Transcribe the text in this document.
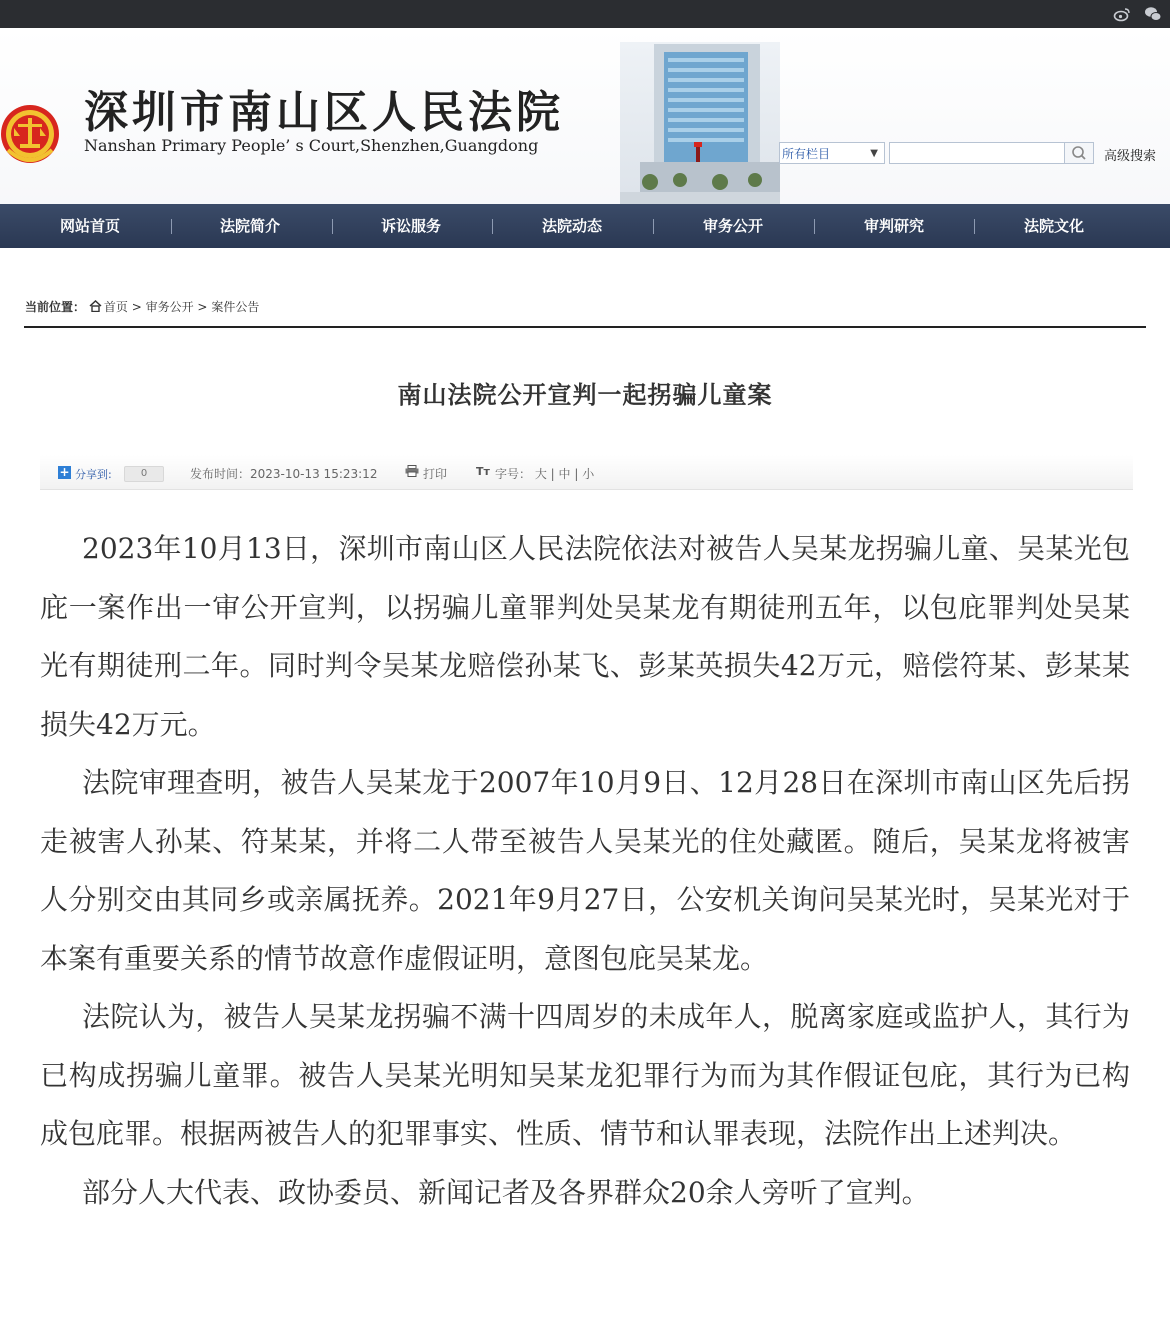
深圳市南山区人民法院
Nanshan Primary People’ s Court,Shenzhen,Guangdong	所有栏目	▼	高级搜索
网站首页	法院简介	诉讼服务	法院动态	审务公开	审判研究	法院文化
当前位置： 首页 > 审务公开 > 案件公告
南山法院公开宣判一起拐骗儿童案
+ 分享到:	0	发布时间：2023-10-13 15:23:12	打印	Tт 字号： 大 | 中 | 小

2023年10月13日，深圳市南山区人民法院依法对被告人吴某龙拐骗儿童、吴某光包庇一案作出一审公开宣判，以拐骗儿童罪判处吴某龙有期徒刑五年，以包庇罪判处吴某光有期徒刑二年。同时判令吴某龙赔偿孙某飞、彭某英损失42万元，赔偿符某、彭某某损失42万元。

法院审理查明，被告人吴某龙于2007年10月9日、12月28日在深圳市南山区先后拐走被害人孙某、符某某，并将二人带至被告人吴某光的住处藏匿。随后，吴某龙将被害人分别交由其同乡或亲属抚养。2021年9月27日，公安机关询问吴某光时，吴某光对于本案有重要关系的情节故意作虚假证明，意图包庇吴某龙。

法院认为，被告人吴某龙拐骗不满十四周岁的未成年人，脱离家庭或监护人，其行为已构成拐骗儿童罪。被告人吴某光明知吴某龙犯罪行为而为其作假证包庇，其行为已构成包庇罪。根据两被告人的犯罪事实、性质、情节和认罪表现，法院作出上述判决。

部分人大代表、政协委员、新闻记者及各界群众20余人旁听了宣判。
